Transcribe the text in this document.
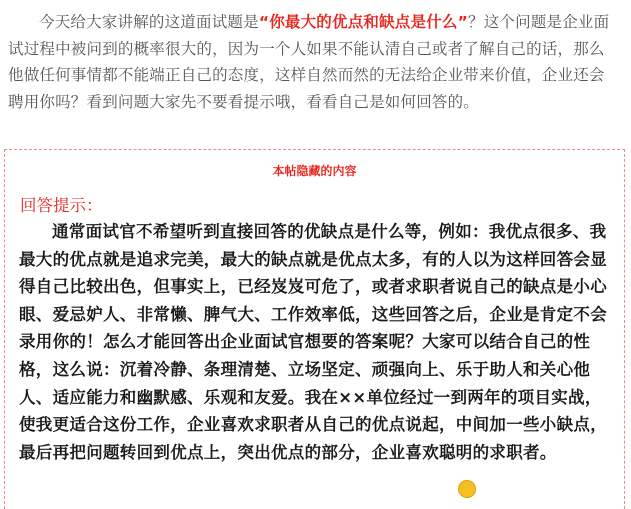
今天给大家讲解的这道面试题是“你最大的优点和缺点是什么”？这个问题是企业面试过程中被问到的概率很大的，因为一个人如果不能认清自己或者了解自己的话，那么他做任何事情都不能端正自己的态度，这样自然而然的无法给企业带来价值，企业还会聘用你吗？看到问题大家先不要看提示哦，看看自己是如何回答的。
本帖隐藏的内容
回答提示：
通常面试官不希望听到直接回答的优缺点是什么等，例如：我优点很多、我最大的优点就是追求完美，最大的缺点就是优点太多，有的人以为这样回答会显得自己比较出色，但事实上，已经岌岌可危了，或者求职者说自己的缺点是小心眼、爱忌妒人、非常懒、脾气大、工作效率低，这些回答之后，企业是肯定不会录用你的！怎么才能回答出企业面试官想要的答案呢？大家可以结合自己的性格，这么说：沉着冷静、条理清楚、立场坚定、顽强向上、乐于助人和关心他人、适应能力和幽默感、乐观和友爱。我在××单位经过一到两年的项目实战，使我更适合这份工作，企业喜欢求职者从自己的优点说起，中间加一些小缺点，最后再把问题转回到优点上，突出优点的部分，企业喜欢聪明的求职者。
